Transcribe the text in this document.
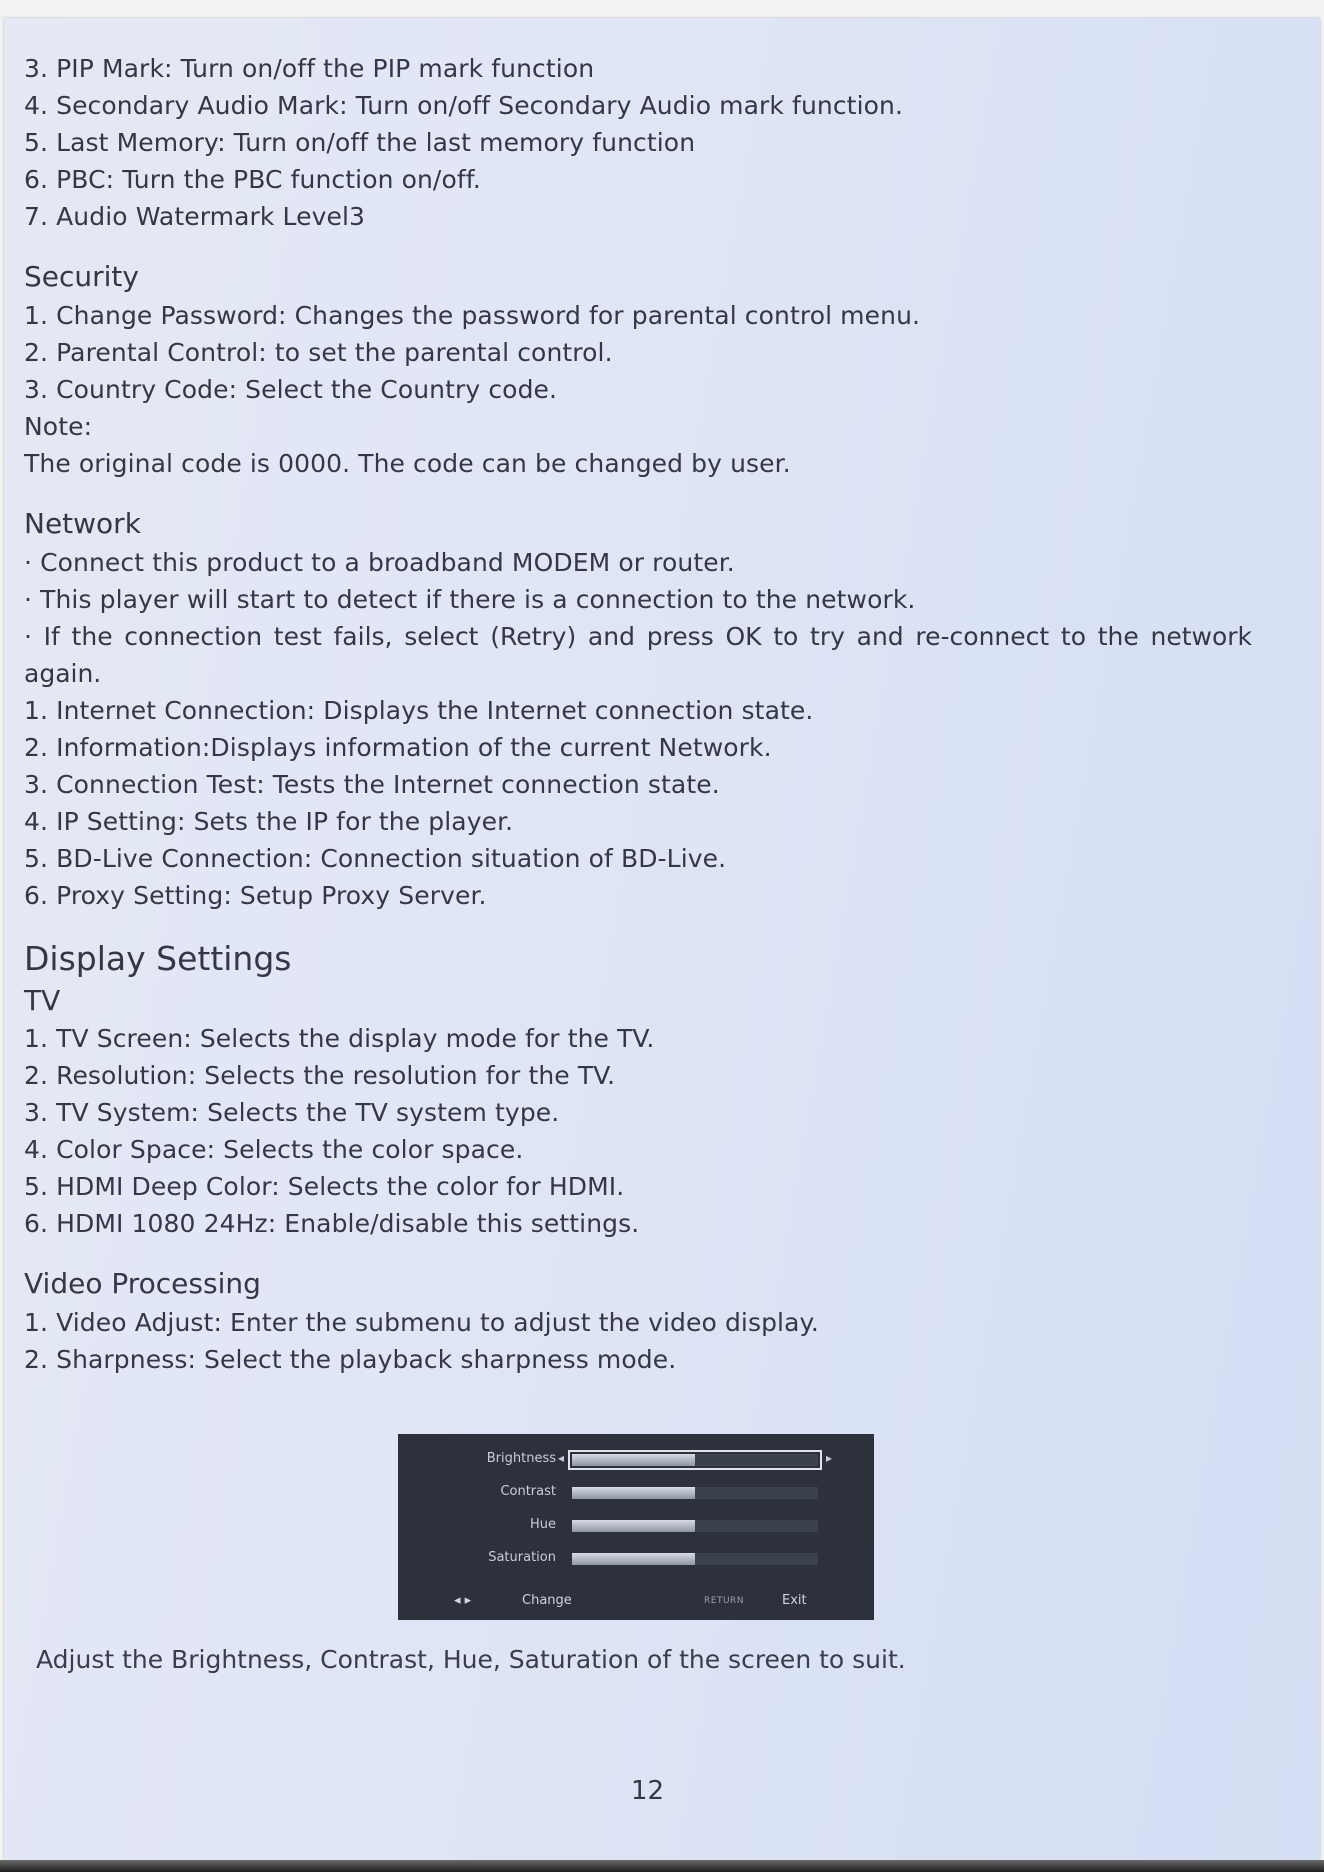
3. PIP Mark: Turn on/off the PIP mark function
4. Secondary Audio Mark: Turn on/off Secondary Audio mark function.
5. Last Memory: Turn on/off the last memory function
6. PBC: Turn the PBC function on/off.
7. Audio Watermark Level3
Security
1. Change Password: Changes the password for parental control menu.
2. Parental Control: to set the parental control.
3. Country Code: Select the Country code.
Note:
The original code is 0000. The code can be changed by user.
Network
· Connect this product to a broadband MODEM or router.
· This player will start to detect if there is a connection to the network.
· If the connection test fails, select (Retry) and press OK to try and re-connect to the network again.
1. Internet Connection: Displays the Internet connection state.
2. Information:Displays information of the current Network.
3. Connection Test: Tests the Internet connection state.
4. IP Setting: Sets the IP for the player.
5. BD-Live Connection: Connection situation of BD-Live.
6. Proxy Setting: Setup Proxy Server.
Display Settings
TV
1. TV Screen: Selects the display mode for the TV.
2. Resolution: Selects the resolution for the TV.
3. TV System: Selects the TV system type.
4. Color Space: Selects the color space.
5. HDMI Deep Color: Selects the color for HDMI.
6. HDMI 1080 24Hz: Enable/disable this settings.
Video Processing
1. Video Adjust: Enter the submenu to adjust the video display.
2. Sharpness: Select the playback sharpness mode.
Brightness ◂	▸
Contrast
Hue
Saturation
◂ ▸	Change	RETURN	Exit
Adjust the Brightness, Contrast, Hue, Saturation of the screen to suit.
12
